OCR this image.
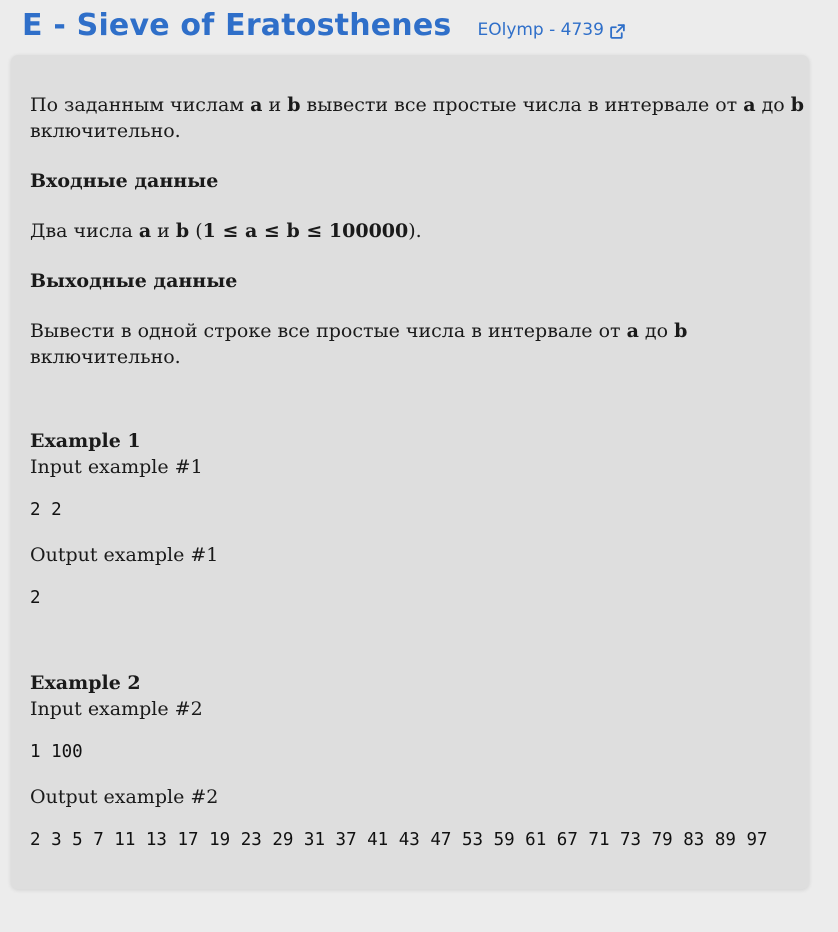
E - Sieve of Eratosthenes EOlymp - 4739
По заданным числам a и b вывести все простые числа в интервале от a до b
включительно.
Входные данные
Два числа a и b (1 ≤ a ≤ b ≤ 100000).
Выходные данные
Вывести в одной строке все простые числа в интервале от a до b
включительно.
Example 1
Input example #1
2 2
Output example #1
2
Example 2
Input example #2
1 100
Output example #2
2 3 5 7 11 13 17 19 23 29 31 37 41 43 47 53 59 61 67 71 73 79 83 89 97
